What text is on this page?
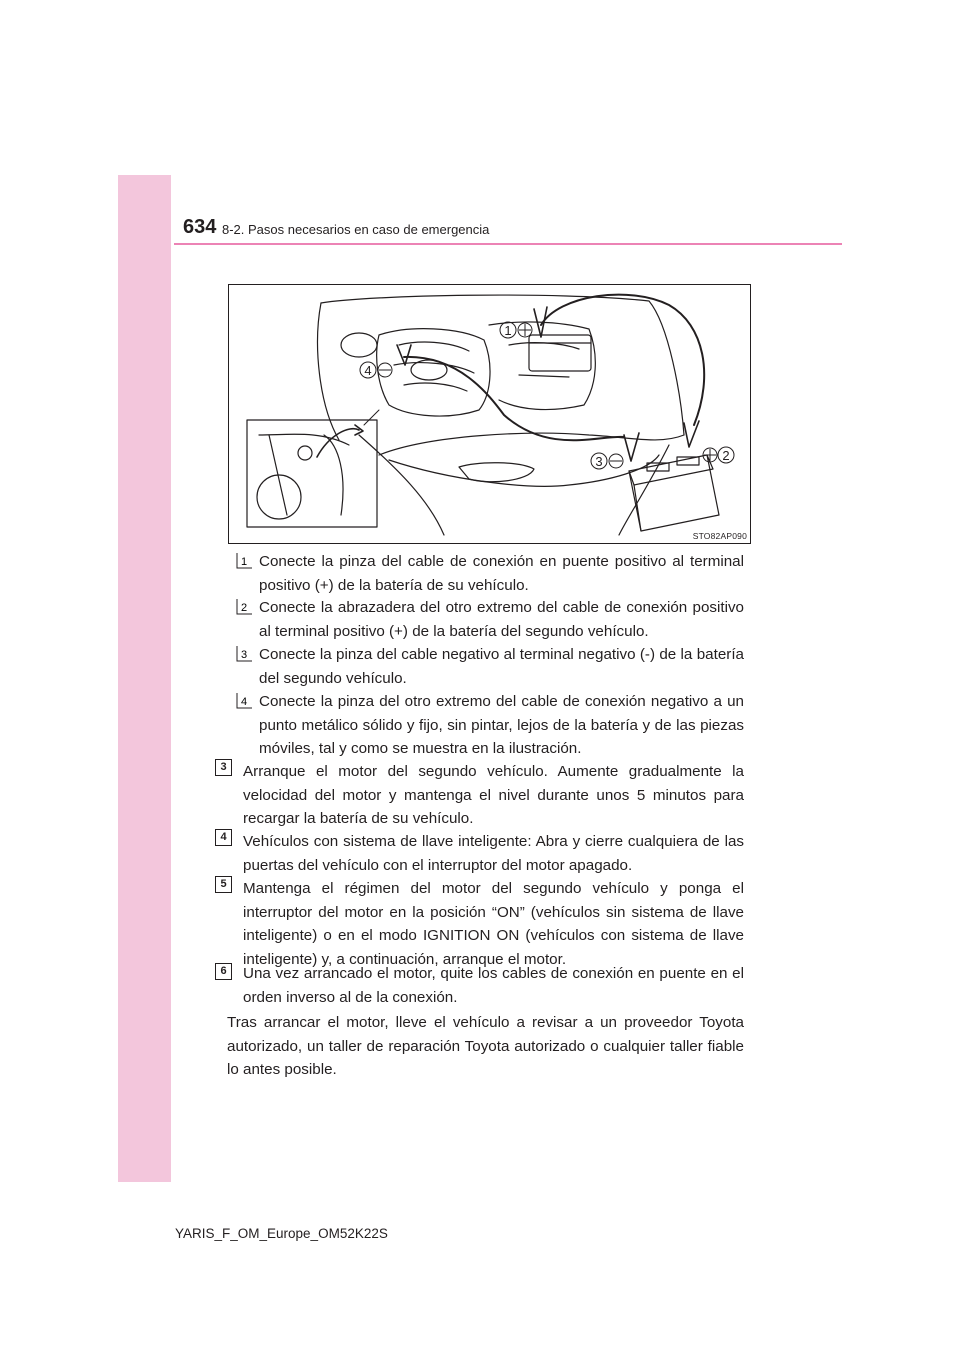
634 8-2. Pasos necesarios en caso de emergencia
1
4
3	2
STO82AP090
1 Conecte la pinza del cable de conexión en puente positivo al terminal positivo (+) de la batería de su vehículo.
2 Conecte la abrazadera del otro extremo del cable de conexión positivo al terminal positivo (+) de la batería del segundo vehículo.
3 Conecte la pinza del cable negativo al terminal negativo (-) de la batería del segundo vehículo.
4 Conecte la pinza del otro extremo del cable de conexión negativo a un punto metálico sólido y fijo, sin pintar, lejos de la batería y de las piezas móviles, tal y como se muestra en la ilustración.
3	Arranque el motor del segundo vehículo. Aumente gradualmente la velocidad del motor y mantenga el nivel durante unos 5 minutos para recargar la batería de su vehículo.
4	Vehículos con sistema de llave inteligente: Abra y cierre cualquiera de las puertas del vehículo con el interruptor del motor apagado.
5	Mantenga el régimen del motor del segundo vehículo y ponga el interruptor del motor en la posición “ON” (vehículos sin sistema de llave inteligente) o en el modo IGNITION ON (vehículos con sistema de llave inteligente) y, a continuación, arranque el motor.
6	Una vez arrancado el motor, quite los cables de conexión en puente en el orden inverso al de la conexión.
Tras arrancar el motor, lleve el vehículo a revisar a un proveedor Toyota autorizado, un taller de reparación Toyota autorizado o cualquier taller fiable lo antes posible.
YARIS_F_OM_Europe_OM52K22S
